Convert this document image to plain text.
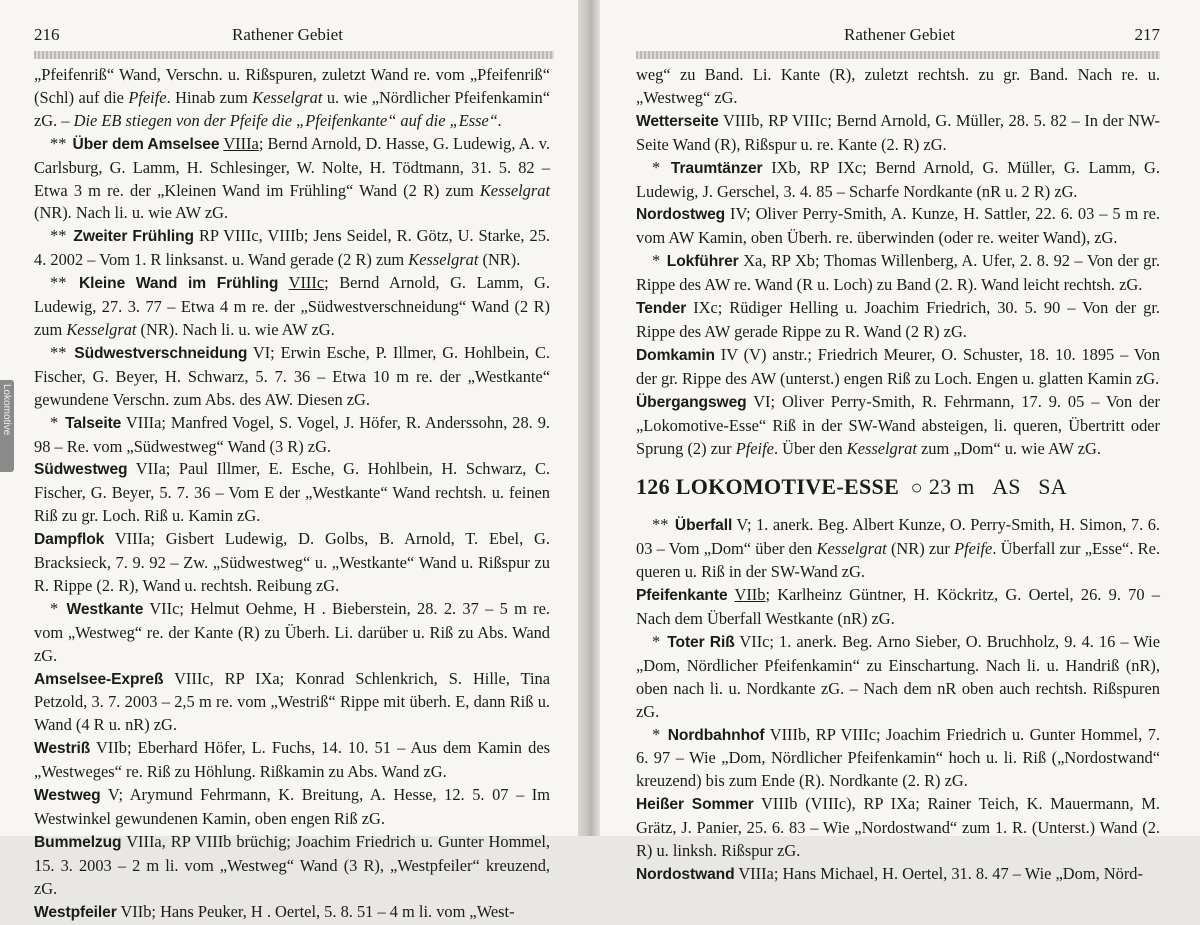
216	Rathener Gebiet
Lokomotive

„Pfeifenriß“ Wand, Verschn. u. Rißspuren, zuletzt Wand re. vom „Pfeifenriß“ (Schl) auf die Pfeife. Hinab zum Kesselgrat u. wie „Nördlicher Pfeifenkamin“ zG. – Die EB stiegen von der Pfeife die „Pfeifenkante“ auf die „Esse“.

** Über dem Amselsee VIIIa; Bernd Arnold, D. Hasse, G. Ludewig, A. v. Carlsburg, G. Lamm, H. Schlesinger, W. Nolte, H. Tödtmann, 31. 5. 82 – Etwa 3 m re. der „Kleinen Wand im Frühling“ Wand (2 R) zum Kesselgrat (NR). Nach li. u. wie AW zG.

** Zweiter Frühling RP VIIIc, VIIIb; Jens Seidel, R. Götz, U. Starke, 25. 4. 2002 – Vom 1. R linksanst. u. Wand gerade (2 R) zum Kesselgrat (NR).

** Kleine Wand im Frühling VIIIc; Bernd Arnold, G. Lamm, G. Ludewig, 27. 3. 77 – Etwa 4 m re. der „Südwestverschneidung“ Wand (2 R) zum Kesselgrat (NR). Nach li. u. wie AW zG.

** Südwestverschneidung VI; Erwin Esche, P. Illmer, G. Hohlbein, C. Fischer, G. Beyer, H. Schwarz, 5. 7. 36 – Etwa 10 m re. der „Westkante“ gewundene Verschn. zum Abs. des AW. Diesen zG.

* Talseite VIIIa; Manfred Vogel, S. Vogel, J. Höfer, R. Anderssohn, 28. 9. 98 – Re. vom „Südwestweg“ Wand (3 R) zG.

Südwestweg VIIa; Paul Illmer, E. Esche, G. Hohlbein, H. Schwarz, C. Fischer, G. Beyer, 5. 7. 36 – Vom E der „Westkante“ Wand rechtsh. u. feinen Riß zu gr. Loch. Riß u. Kamin zG.

Dampflok VIIIa; Gisbert Ludewig, D. Golbs, B. Arnold, T. Ebel, G. Bracksieck, 7. 9. 92 – Zw. „Südwestweg“ u. „Westkante“ Wand u. Rißspur zu R. Rippe (2. R), Wand u. rechtsh. Reibung zG.

* Westkante VIIc; Helmut Oehme, H . Bieberstein, 28. 2. 37 – 5 m re. vom „Westweg“ re. der Kante (R) zu Überh. Li. darüber u. Riß zu Abs. Wand zG.

Amselsee-Expreß VIIIc, RP IXa; Konrad Schlenkrich, S. Hille, Tina Petzold, 3. 7. 2003 – 2,5 m re. vom „Westriß“ Rippe mit überh. E, dann Riß u. Wand (4 R u. nR) zG.

Westriß VIIb; Eberhard Höfer, L. Fuchs, 14. 10. 51 – Aus dem Kamin des „Westweges“ re. Riß zu Höhlung. Rißkamin zu Abs. Wand zG.

Westweg V; Arymund Fehrmann, K. Breitung, A. Hesse, 12. 5. 07 – Im Westwinkel gewundenen Kamin, oben engen Riß zG.

Bummelzug VIIIa, RP VIIIb brüchig; Joachim Friedrich u. Gunter Hommel, 15. 3. 2003 – 2 m li. vom „Westweg“ Wand (3 R), „Westpfeiler“ kreuzend, zG.

Westpfeiler VIIb; Hans Peuker, H . Oertel, 5. 8. 51 – 4 m li. vom „West-

Rathener Gebiet	217

weg“ zu Band. Li. Kante (R), zuletzt rechtsh. zu gr. Band. Nach re. u. „Westweg“ zG.

Wetterseite VIIIb, RP VIIIc; Bernd Arnold, G. Müller, 28. 5. 82 – In der NW-Seite Wand (R), Rißspur u. re. Kante (2. R) zG.

* Traumtänzer IXb, RP IXc; Bernd Arnold, G. Müller, G. Lamm, G. Ludewig, J. Gerschel, 3. 4. 85 – Scharfe Nordkante (nR u. 2 R) zG.

Nordostweg IV; Oliver Perry-Smith, A. Kunze, H. Sattler, 22. 6. 03 – 5 m re. vom AW Kamin, oben Überh. re. überwinden (oder re. weiter Wand), zG.

* Lokführer Xa, RP Xb; Thomas Willenberg, A. Ufer, 2. 8. 92 – Von der gr. Rippe des AW re. Wand (R u. Loch) zu Band (2. R). Wand leicht rechtsh. zG.

Tender IXc; Rüdiger Helling u. Joachim Friedrich, 30. 5. 90 – Von der gr. Rippe des AW gerade Rippe zu R. Wand (2 R) zG.

Domkamin IV (V) anstr.; Friedrich Meurer, O. Schuster, 18. 10. 1895 – Von der gr. Rippe des AW (unterst.) engen Riß zu Loch. Engen u. glatten Kamin zG.

Übergangsweg VI; Oliver Perry-Smith, R. Fehrmann, 17. 9. 05 – Von der „Lokomotive-Esse“ Riß in der SW-Wand absteigen, li. queren, Übertritt oder Sprung (2) zur Pfeife. Über den Kesselgrat zum „Dom“ u. wie AW zG.

126 LOKOMOTIVE-ESSE ○ 23 m AS   SA

** Überfall V; 1. anerk. Beg. Albert Kunze, O. Perry-Smith, H. Simon, 7. 6. 03 – Vom „Dom“ über den Kesselgrat (NR) zur Pfeife. Überfall zur „Esse“. Re. queren u. Riß in der SW-Wand zG.

Pfeifenkante VIIb; Karlheinz Güntner, H. Köckritz, G. Oertel, 26. 9. 70 – Nach dem Überfall Westkante (nR) zG.

* Toter Riß VIIc; 1. anerk. Beg. Arno Sieber, O. Bruchholz, 9. 4. 16 – Wie „Dom, Nördlicher Pfeifenkamin“ zu Einschartung. Nach li. u. Handriß (nR), oben nach li. u. Nordkante zG. – Nach dem nR oben auch rechtsh. Rißspuren zG.

* Nordbahnhof VIIIb, RP VIIIc; Joachim Friedrich u. Gunter Hommel, 7. 6. 97 – Wie „Dom, Nördlicher Pfeifenkamin“ hoch u. li. Riß („Nordostwand“ kreuzend) bis zum Ende (R). Nordkante (2. R) zG.

Heißer Sommer VIIIb (VIIIc), RP IXa; Rainer Teich, K. Mauermann, M. Grätz, J. Panier, 25. 6. 83 – Wie „Nordostwand“ zum 1. R. (Unterst.) Wand (2. R) u. linksh. Rißspur zG.

Nordostwand VIIIa; Hans Michael, H. Oertel, 31. 8. 47 – Wie „Dom, Nörd-
